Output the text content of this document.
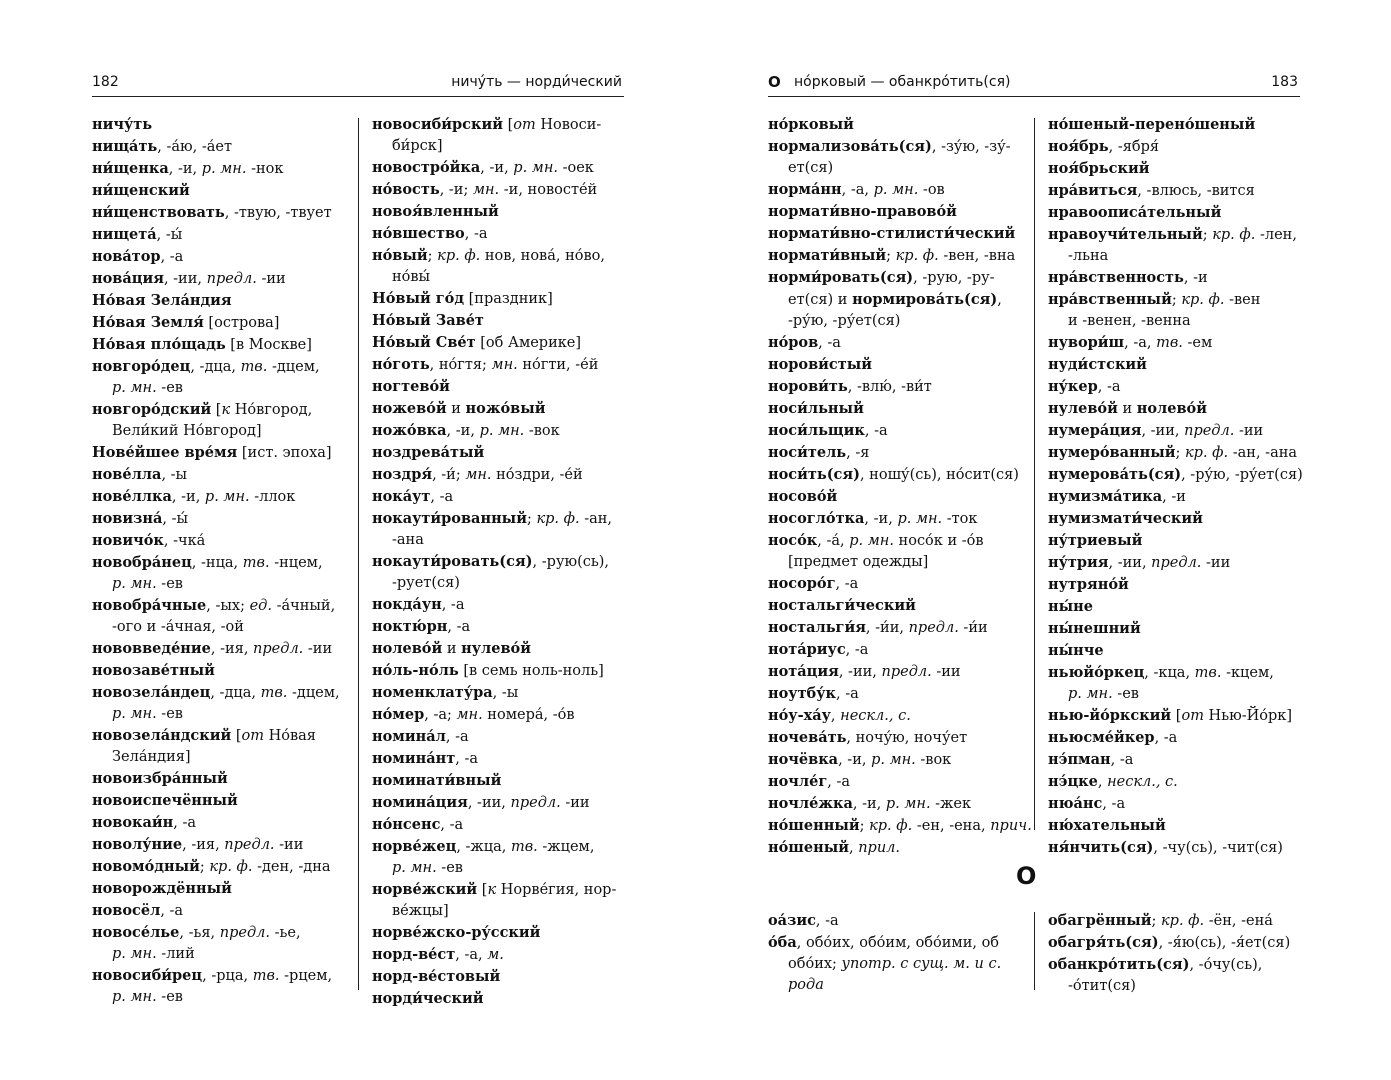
182	ничу́ть — норди́ческий
ничу́ть
нища́ть, -а́ю, -а́ет
ни́щенка, -и, р. мн. -нок
ни́щенский
ни́щенствовать, -твую, -твует
нищета́, -ы́
нова́тор, -а
нова́ция, -ии, предл. -ии
Но́вая Зела́ндия
Но́вая Земля́ [острова]
Но́вая пло́щадь [в Москве]
новгоро́дец, -дца, тв. -дцем,
р. мн. -ев
новгоро́дский [к Но́вгород,
Вели́кий Но́вгород]
Нове́йшее вре́мя [ист. эпоха]
нове́лла, -ы
нове́ллка, -и, р. мн. -ллок
новизна́, -ы́
новичо́к, -чка́
новобра́нец, -нца, тв. -нцем,
р. мн. -ев
новобра́чные, -ых; ед. -а́чный,
-ого и -а́чная, -ой
нововведе́ние, -ия, предл. -ии
новозаве́тный
новозела́ндец, -дца, тв. -дцем,
р. мн. -ев
новозела́ндский [от Но́вая
Зела́ндия]
новоизбра́нный
новоиспечённый
новокаи́н, -а
новолу́ние, -ия, предл. -ии
новомо́дный; кр. ф. -ден, -дна
новорождённый
новосёл, -а
новосе́лье, -ья, предл. -ье,
р. мн. -лий
новосиби́рец, -рца, тв. -рцем,
р. мн. -ев
новосиби́рский [от Новоси-
би́рск]
новостро́йка, -и, р. мн. -оек
но́вость, -и; мн. -и, новосте́й
новоя́вленный
но́вшество, -а
но́вый; кр. ф. нов, нова́, но́во,
но́вы́
Но́вый го́д [праздник]
Но́вый Заве́т
Но́вый Све́т [об Америке]
но́готь, но́гтя; мн. но́гти, -е́й
ногтево́й
ножево́й и ножо́вый
ножо́вка, -и, р. мн. -вок
ноздрева́тый
ноздря́, -и́; мн. но́здри, -е́й
нока́ут, -а
нокаути́рованный; кр. ф. -ан,
-ана
нокаути́ровать(ся), -рую(сь),
-рует(ся)
нокда́ун, -а
ноктю́рн, -а
нолево́й и нулево́й
но́ль-но́ль [в семь ноль-ноль]
номенклату́ра, -ы
но́мер, -а; мн. номера́, -о́в
номина́л, -а
номина́нт, -а
номинати́вный
номина́ция, -ии, предл. -ии
но́нсенс, -а
норве́жец, -жца, тв. -жцем,
р. мн. -ев
норве́жский [к Норве́гия, нор-
ве́жцы]
норве́жско-ру́сский
норд-ве́ст, -а, м.
норд-ве́стовый
норди́ческий
О но́рковый — обанкро́тить(ся)	183
но́рковый
нормализова́ть(ся), -зу́ю, -зу́-
ет(ся)
норма́нн, -а, р. мн. -ов
нормати́вно-правово́й
нормати́вно-стилисти́ческий
нормати́вный; кр. ф. -вен, -вна
норми́ровать(ся), -рую, -ру-
ет(ся) и нормирова́ть(ся),
-ру́ю, -ру́ет(ся)
но́ров, -а
норови́стый
норови́ть, -влю́, -ви́т
носи́льный
носи́льщик, -а
носи́тель, -я
носи́ть(ся), ношу́(сь), но́сит(ся)
носово́й
носогло́тка, -и, р. мн. -ток
носо́к, -а́, р. мн. носо́к и -о́в
[предмет одежды]
носоро́г, -а
ностальги́ческий
ностальги́я, -и́и, предл. -и́и
нота́риус, -а
нота́ция, -ии, предл. -ии
ноутбу́к, -а
но́у-ха́у, нескл., с.
ночева́ть, ночу́ю, ночу́ет
ночёвка, -и, р. мн. -вок
ночле́г, -а
ночле́жка, -и, р. мн. -жек
но́шенный; кр. ф. -ен, -ена, прич.
но́шеный, прил.
но́шеный-перено́шеный
ноя́брь, -ября́
ноя́брьский
нра́виться, -влюсь, -вится
нравоописа́тельный
нравоучи́тельный; кр. ф. -лен,
-льна
нра́вственность, -и
нра́вственный; кр. ф. -вен
и -венен, -венна
нувори́ш, -а, тв. -ем
нуди́стский
ну́кер, -а
нулево́й и нолево́й
нумера́ция, -ии, предл. -ии
нумеро́ванный; кр. ф. -ан, -ана
нумерова́ть(ся), -ру́ю, -ру́ет(ся)
нумизма́тика, -и
нумизмати́ческий
ну́триевый
ну́трия, -ии, предл. -ии
нутряно́й
ны́не
ны́нешний
ны́нче
ньюйо́ркец, -кца, тв. -кцем,
р. мн. -ев
нью-йо́ркский [от Нью-Йо́рк]
ньюсме́йкер, -а
нэ́пман, -а
нэ́цке, нескл., с.
нюа́нс, -а
ню́хательный
ня́нчить(ся), -чу(сь), -чит(ся)
О
оа́зис, -а
о́ба, обо́их, обо́им, обо́ими, об
обо́их; употр. с сущ. м. и с.
рода
обагрённый; кр. ф. -ён, -ена́
обагря́ть(ся), -я́ю(сь), -я́ет(ся)
обанкро́тить(ся), -о́чу(сь),
-о́тит(ся)
